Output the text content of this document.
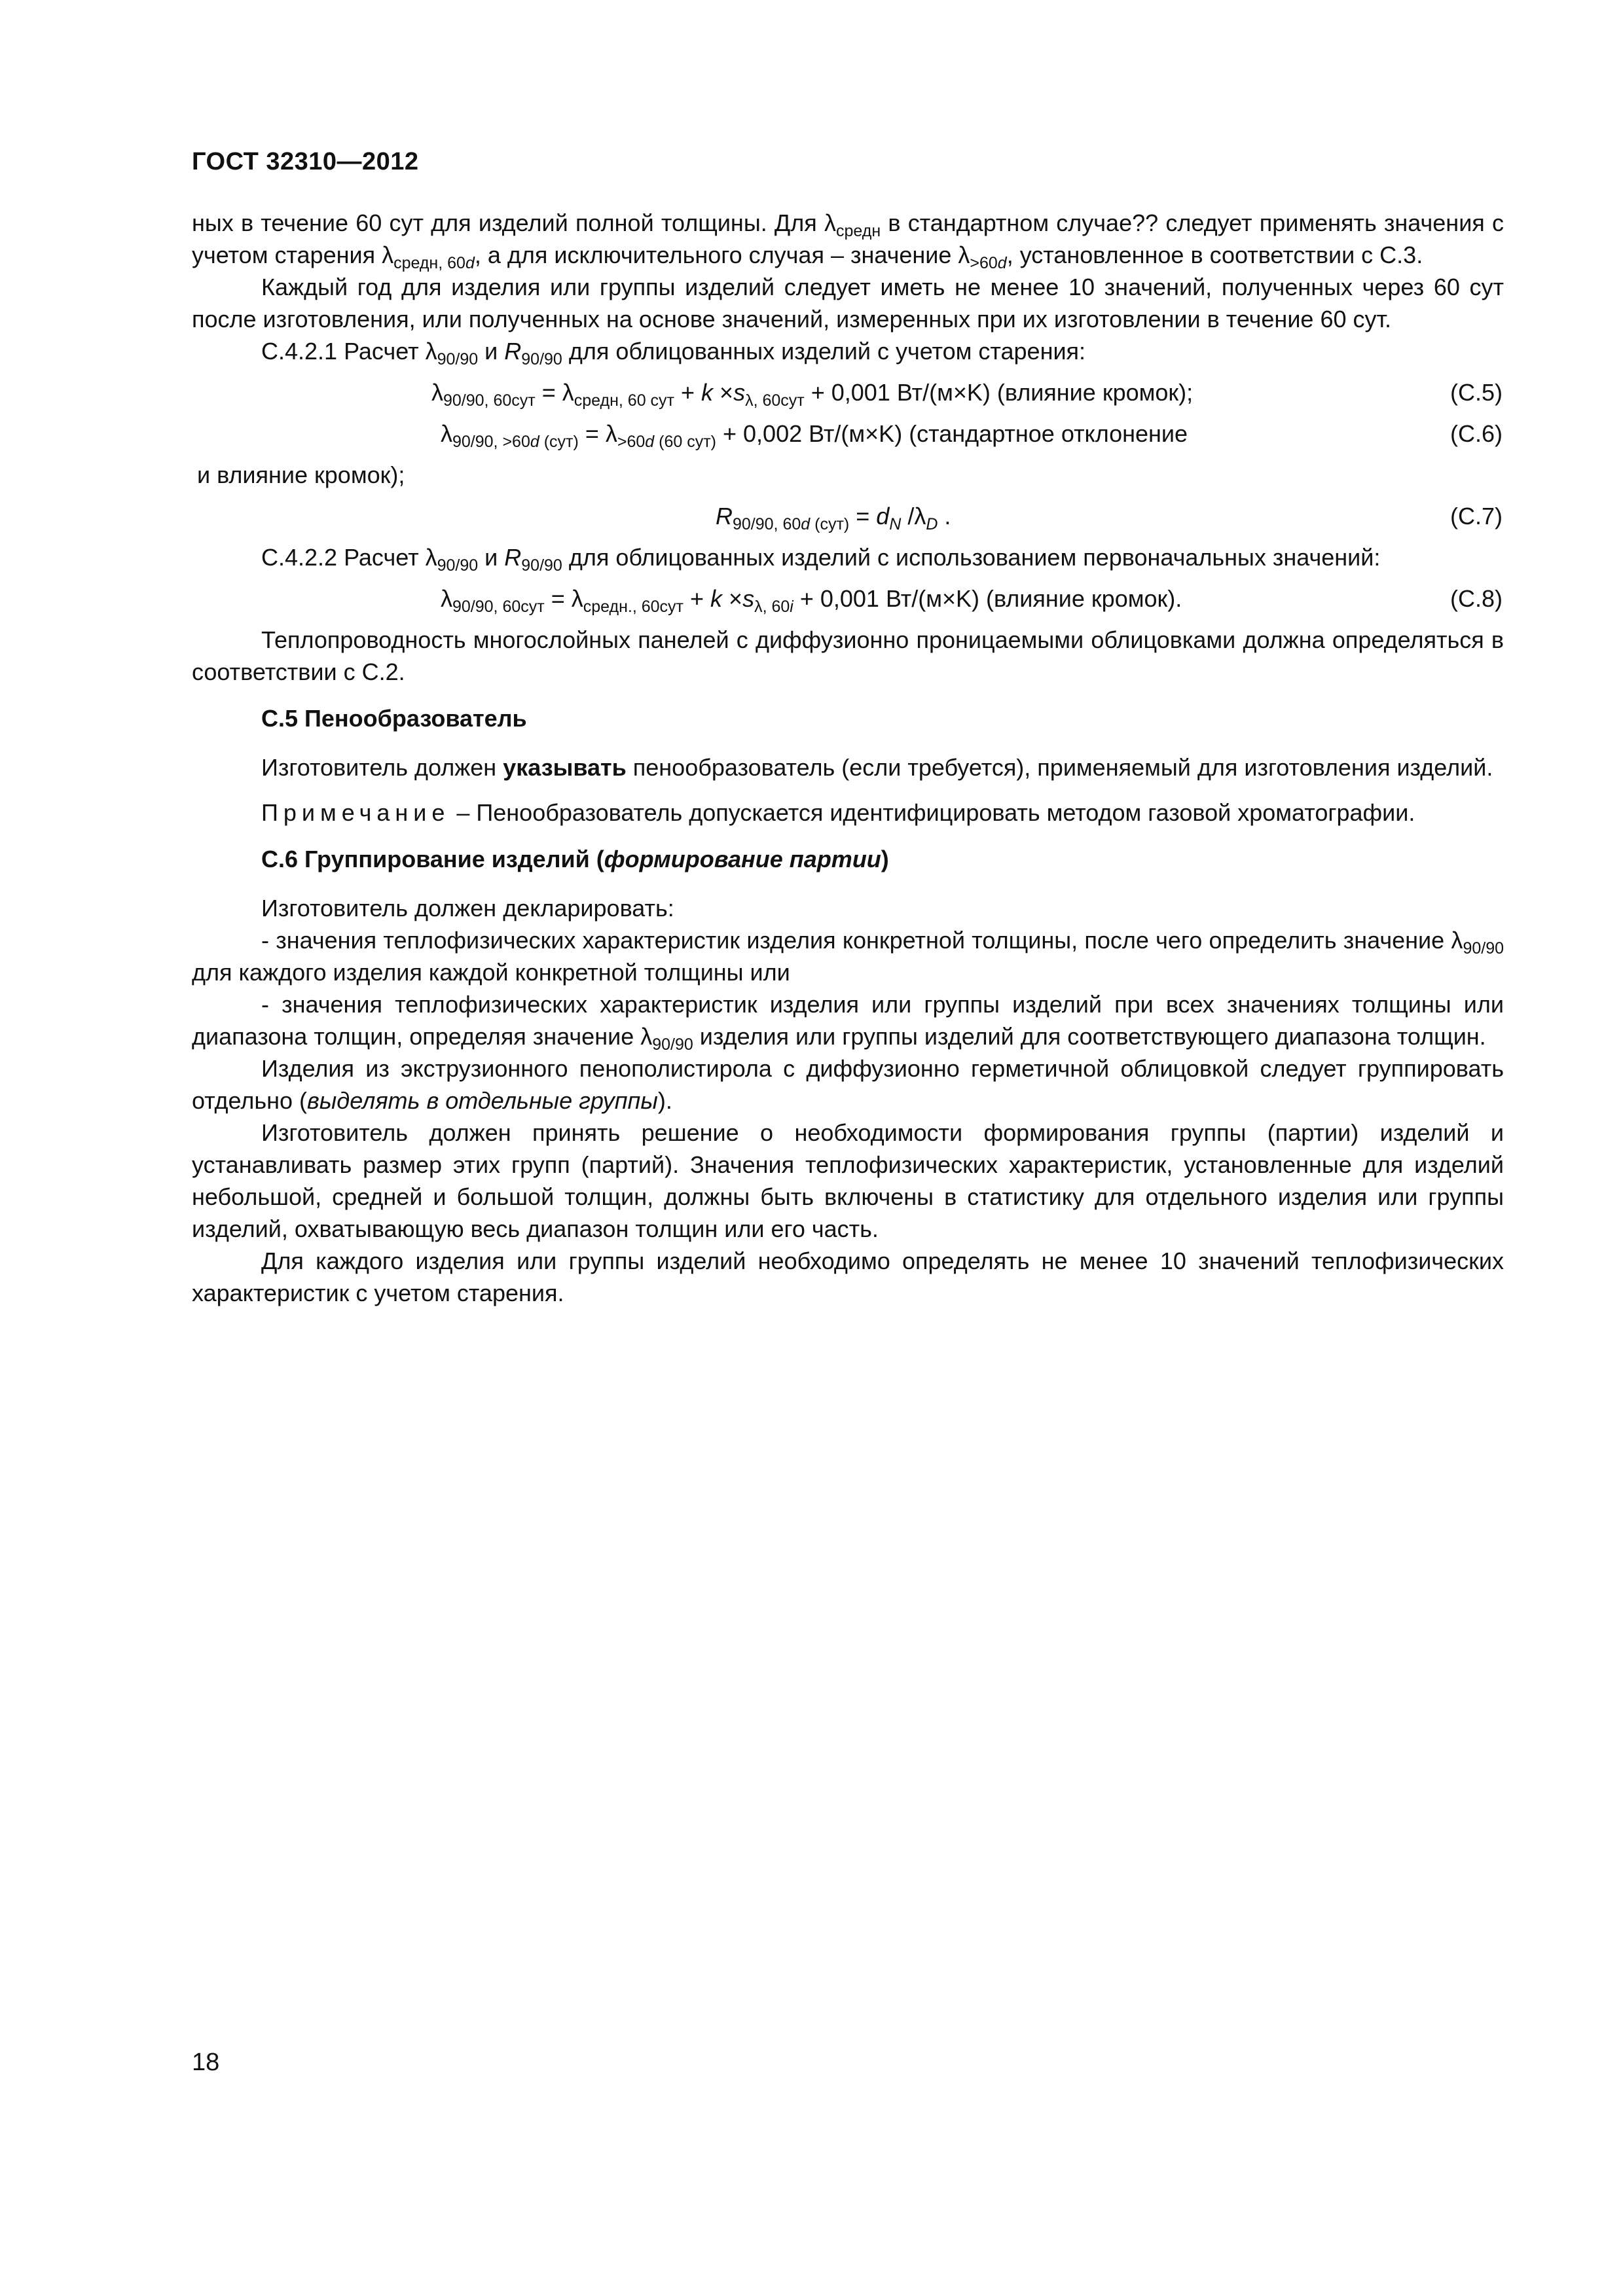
ГОСТ 32310—2012

ных в течение 60 сут для изделий полной толщины. Для $\lambda_{средн}$ в стандартном случае?? следует применять значения с учетом старения $\lambda_{средн, 60d}$, а для исключительного случая – значение $\lambda_{>60d}$, установленное в соответствии с С.3.

Каждый год для изделия или группы изделий следует иметь не менее 10 значений, полученных через 60 сут после изготовления, или полученных на основе значений, измеренных при их изготовлении в течение 60 сут.

С.4.2.1 Расчет $\lambda_{90/90}$ и $R_{90/90}$ для облицованных изделий с учетом старения:

$\lambda_{90/90, 60сут} = \lambda_{средн, 60 сут} + k \times s_{\lambda, 60сут} + 0,001$ Вт/(м×K) (влияние кромок);	(С.5)
$\lambda_{90/90, >60d (сут)} = \lambda_{>60d (60 сут)} + 0,002$ Вт/(м×K) (стандартное отклонение	(С.6)

и влияние кромок);

$R_{90/90, 60d (сут)} = d_N$ $/\lambda_D$ .	(С.7)

С.4.2.2 Расчет $\lambda_{90/90}$ и $R_{90/90}$ для облицованных изделий с использованием первоначальных значений:

$\lambda_{90/90, 60сут} = \lambda_{средн., 60сут} + k \times s_{\lambda, 60i} + 0,001$ Вт/(м×K) (влияние кромок).	(С.8)

Теплопроводность многослойных панелей с диффузионно проницаемыми облицовками должна определяться в соответствии с С.2.

С.5 Пенообразователь

Изготовитель должен указывать пенообразователь (если требуется), применяемый для изготовления изделий.

Примечание – Пенообразователь допускается идентифицировать методом газовой хроматографии.

С.6 Группирование изделий (формирование партии)

Изготовитель должен декларировать:

- значения теплофизических характеристик изделия конкретной толщины, после чего определить значение $\lambda_{90/90}$ для каждого изделия каждой конкретной толщины или

- значения теплофизических характеристик изделия или группы изделий при всех значениях толщины или диапазона толщин, определяя значение $\lambda_{90/90}$ изделия или группы изделий для соответствующего диапазона толщин.

Изделия из экструзионного пенополистирола с диффузионно герметичной облицовкой следует группировать отдельно (выделять в отдельные группы).

Изготовитель должен принять решение о необходимости формирования группы (партии) изделий и устанавливать размер этих групп (партий). Значения теплофизических характеристик, установленные для изделий небольшой, средней и большой толщин, должны быть включены в статистику для отдельного изделия или группы изделий, охватывающую весь диапазон толщин или его часть.

Для каждого изделия или группы изделий необходимо определять не менее 10 значений теплофизических характеристик с учетом старения.

18
